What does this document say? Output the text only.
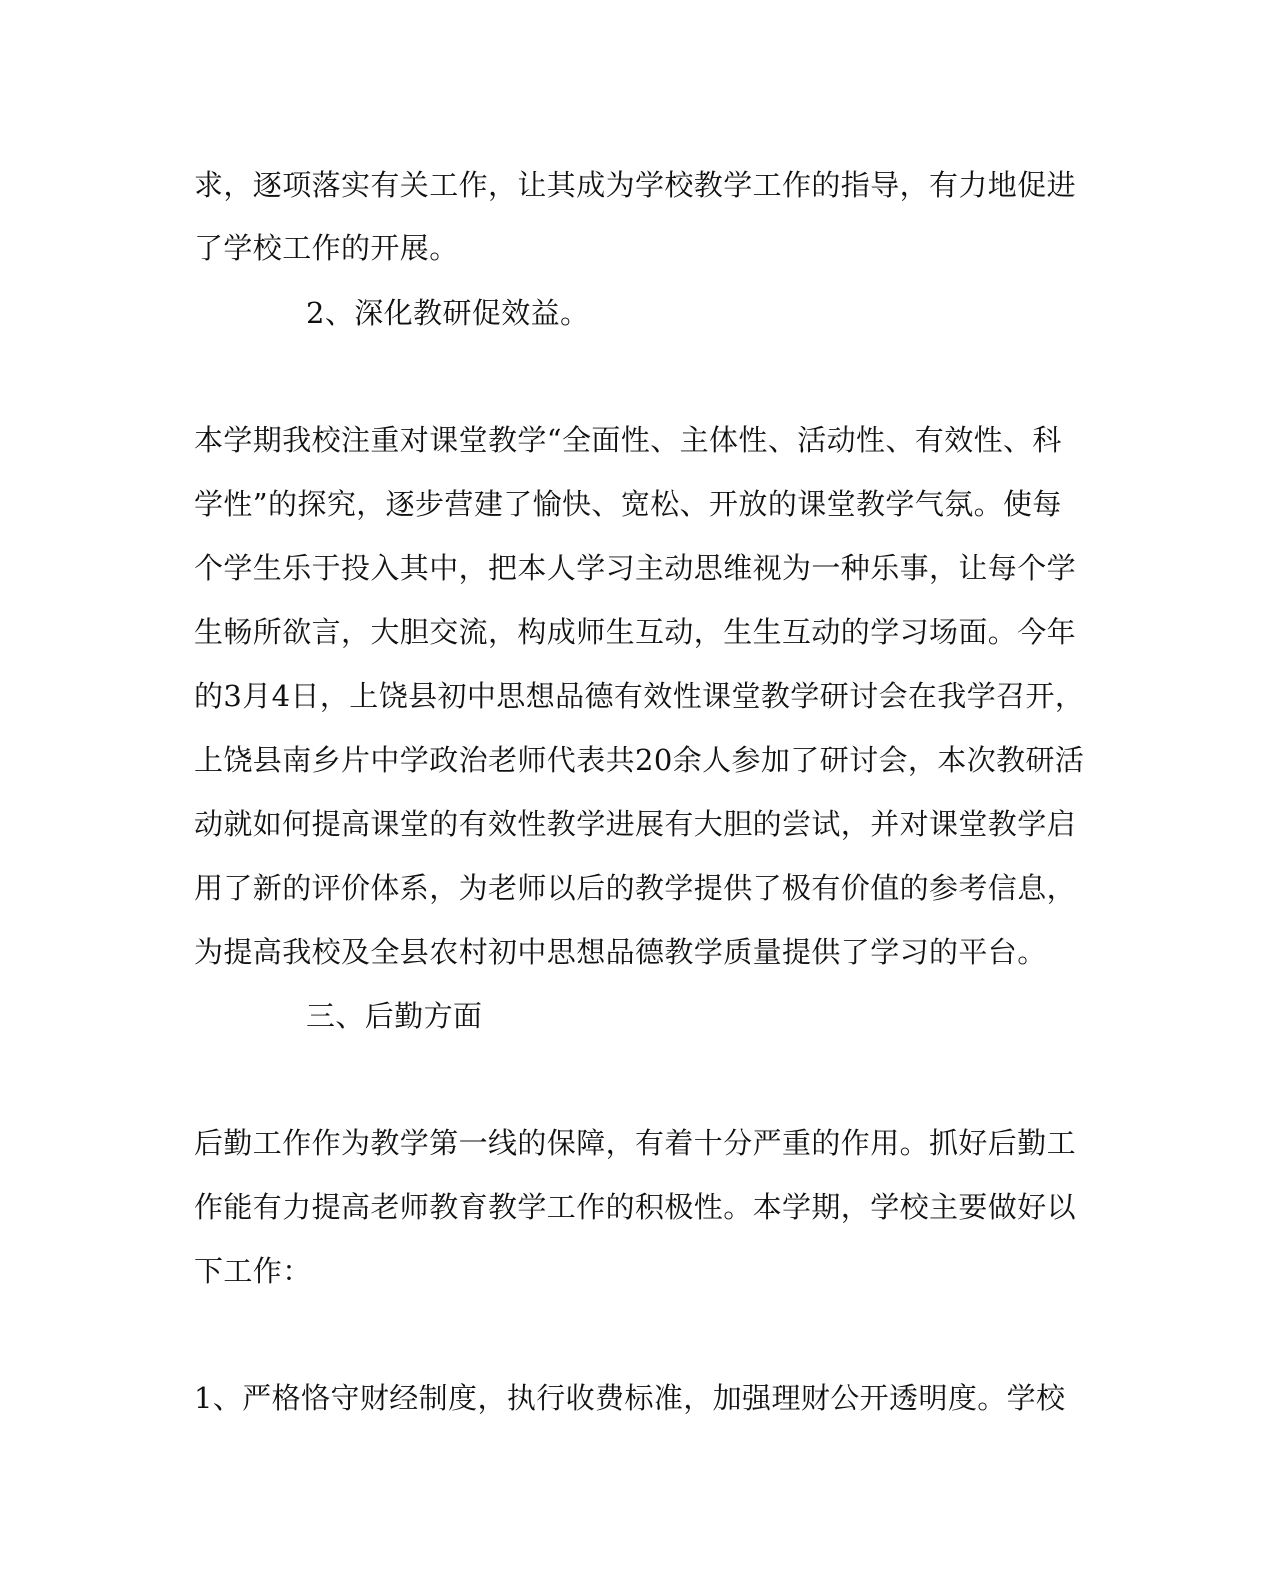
求，逐项落实有关工作，让其成为学校教学工作的指导，有力地促进
了学校工作的开展。
2、深化教研促效益。
本学期我校注重对课堂教学“全面性、主体性、活动性、有效性、科
学性”的探究，逐步营建了愉快、宽松、开放的课堂教学气氛。使每
个学生乐于投入其中，把本人学习主动思维视为一种乐事，让每个学
生畅所欲言，大胆交流，构成师生互动，生生互动的学习场面。今年
的3月4日，上饶县初中思想品德有效性课堂教学研讨会在我学召开，
上饶县南乡片中学政治老师代表共20余人参加了研讨会，本次教研活
动就如何提高课堂的有效性教学进展有大胆的尝试，并对课堂教学启
用了新的评价体系，为老师以后的教学提供了极有价值的参考信息，
为提高我校及全县农村初中思想品德教学质量提供了学习的平台。
三、后勤方面
后勤工作作为教学第一线的保障，有着十分严重的作用。抓好后勤工
作能有力提高老师教育教学工作的积极性。本学期，学校主要做好以
下工作：
1、严格恪守财经制度，执行收费标准，加强理财公开透明度。学校
